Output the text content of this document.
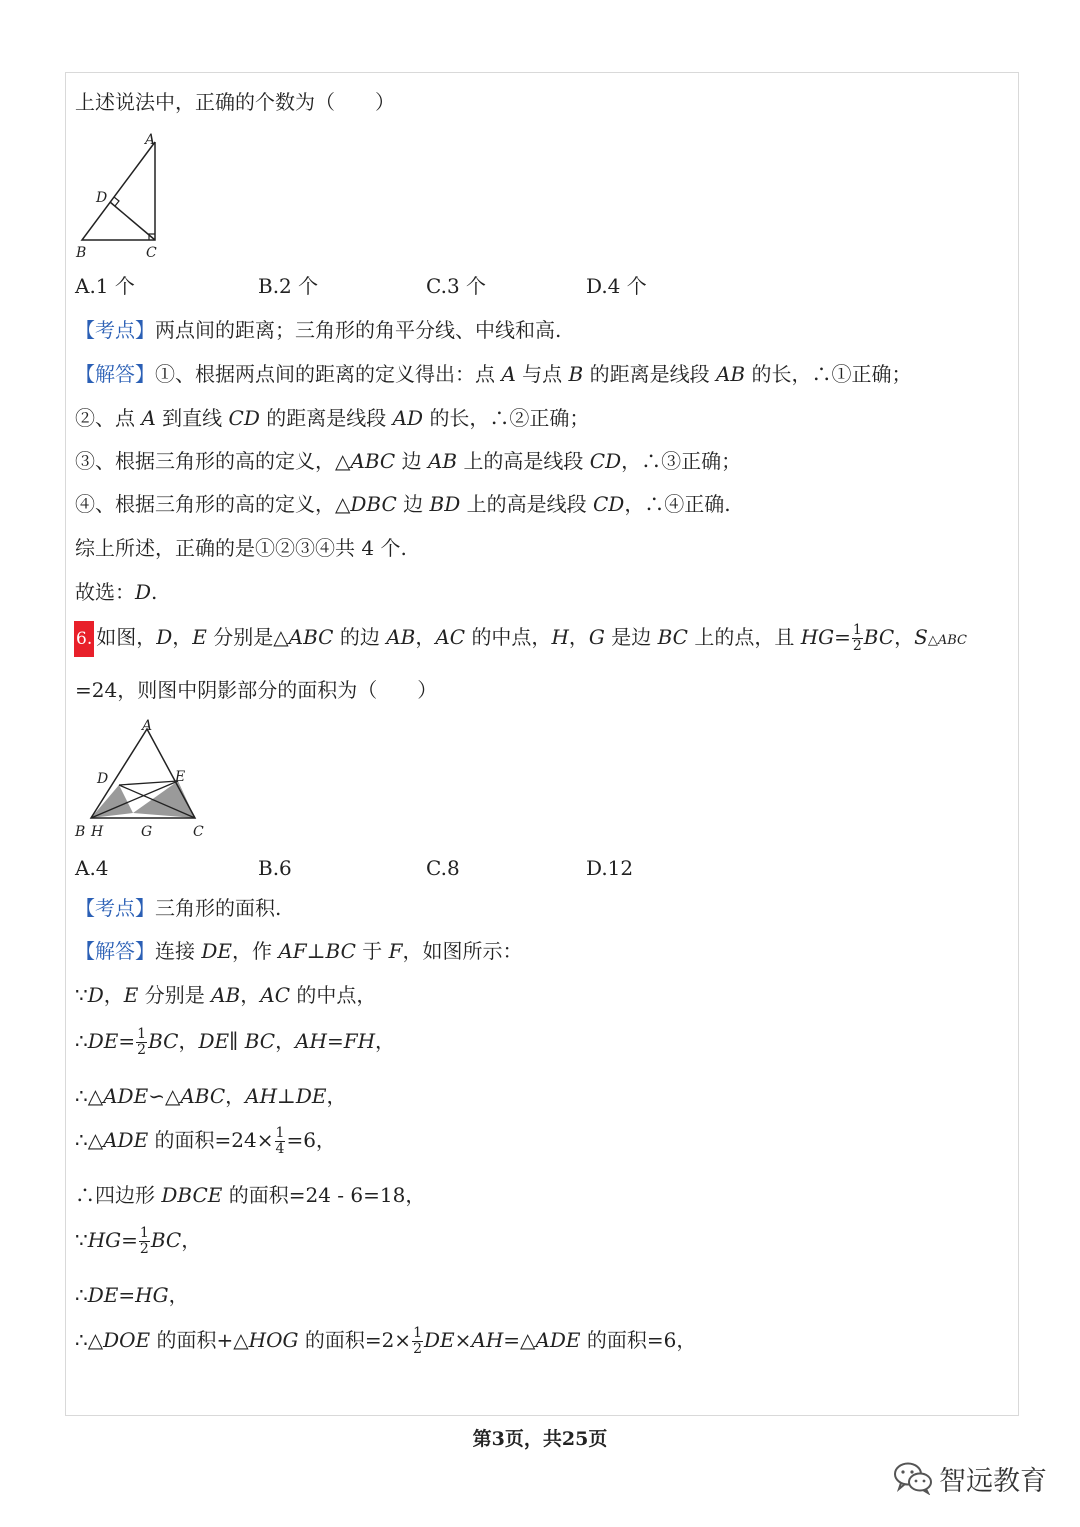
上述说法中，正确的个数为（　　）
A
D
B	C
A.1 个	B.2 个	C.3 个	D.4 个
【考点】两点间的距离；三角形的角平分线、中线和高.
【解答】①、根据两点间的距离的定义得出：点 A 与点 B 的距离是线段 AB 的长，∴①正确；
②、点 A 到直线 CD 的距离是线段 AD 的长，∴②正确；
③、根据三角形的高的定义，△ABC 边 AB 上的高是线段 CD，∴③正确；
④、根据三角形的高的定义，△DBC 边 BD 上的高是线段 CD，∴④正确.
综上所述，正确的是①②③④共 4 个.
故选：D.
6. 如图，D，E 分别是△ABC 的边 AB，AC 的中点，H，G 是边 BC 上的点，且 $HG= \frac{1}{2}$ BC，S△ABC
=24，则图中阴影部分的面积为（　　）
A
D	E
B H	G	C
A.4	B.6	C.8	D.12
【考点】三角形的面积.
【解答】连接 DE，作 AF⊥BC 于 F，如图所示：
∵D，E 分别是 AB，AC 的中点，
∴DE= $\frac{1}{2}$ BC，DE∥ BC，AH=FH，
∴△ADE∽△ABC，AH⊥DE，
∴△ADE 的面积$=24\times \frac{1}{4} =6$，
∴四边形 DBCE 的面积=24 - 6=18，
∵HG= $\frac{1}{2}$ BC，
∴DE=HG，
∴△DOE 的面积+△HOG 的面积$=2\times \frac{1}{2}$ DE×AH=△ADE 的面积=6，
第3页，共25页
智远教育
